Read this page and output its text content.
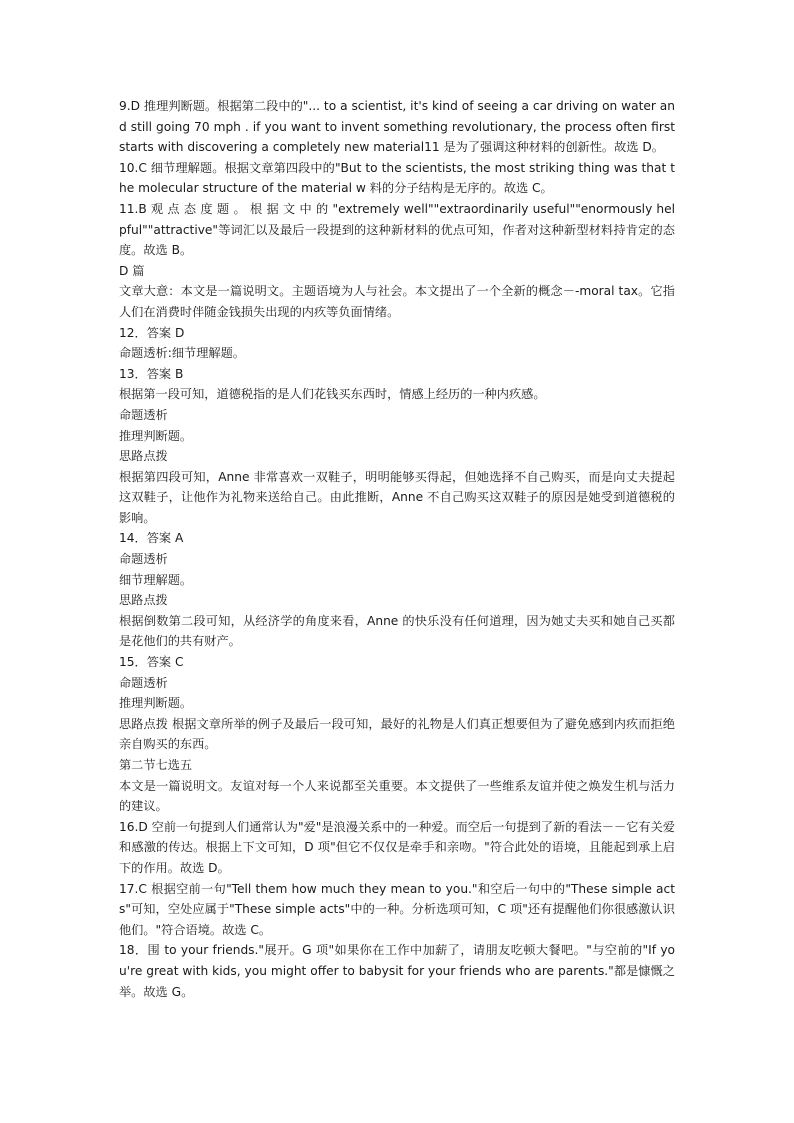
9.D 推理判断题。根据第二段中的"... to a scientist, it's kind of seeing a car driving on water and still going 70 mph . if you want to invent something revolutionary, the process often first starts with discovering a completely new material11 是为了强调这种材料的创新性。故选 D。

10.C 细节理解题。根据文章第四段中的"But to the scientists, the most striking thing was that the molecular structure of the material w 料的分子结构是无序的。故选 C。

11.B 观 点 态 度 题 。 根 据 文 中 的 "extremely well""extraordinarily useful""enormously helpful""attractive"等词汇以及最后一段提到的这种新材料的优点可知，作者对这种新型材料持肯定的态度。故选 B。

D 篇

文章大意：本文是一篇说明文。主题语境为人与社会。本文提出了一个全新的概念－-moral tax。它指人们在消费时伴随金钱损失出现的内疚等负面情绪。

12．答案 D

命题透析:细节理解题。

13．答案 B

根据第一段可知，道德税指的是人们花钱买东西时，情感上经历的一种内疚感。

命题透析

推理判断题。

思路点拨

根据第四段可知，Anne 非常喜欢一双鞋子，明明能够买得起，但她选择不自己购买，而是向丈夫提起这双鞋子，让他作为礼物来送给自己。由此推断，Anne 不自己购买这双鞋子的原因是她受到道德税的影响。

14．答案 A

命题透析

细节理解题。

思路点拨

根据倒数第二段可知，从经济学的角度来看，Anne 的快乐没有任何道理，因为她丈夫买和她自己买都是花他们的共有财产。

15．答案 C

命题透析

推理判断题。

思路点拨 根据文章所举的例子及最后一段可知，最好的礼物是人们真正想要但为了避免感到内疚而拒绝亲自购买的东西。

第二节七选五

本文是一篇说明文。友谊对每一个人来说都至关重要。本文提供了一些维系友谊并使之焕发生机与活力的建议。

16.D 空前一句提到人们通常认为"爱"是浪漫关系中的一种爱。而空后一句提到了新的看法－－它有关爱和感激的传达。根据上下文可知，D 项"但它不仅仅是牵手和亲吻。"符合此处的语境，且能起到承上启下的作用。故选 D。

17.C 根据空前一句"Tell them how much they mean to you."和空后一句中的"These simple acts"可知，空处应属于"These simple acts"中的一种。分析选项可知，C 项"还有提醒他们你很感激认识他们。"符合语境。故选 C。

18．围 to your friends."展开。G 项"如果你在工作中加薪了，请朋友吃顿大餐吧。"与空前的"If you're great with kids, you might offer to babysit for your friends who are parents."都是慷慨之举。故选 G。
